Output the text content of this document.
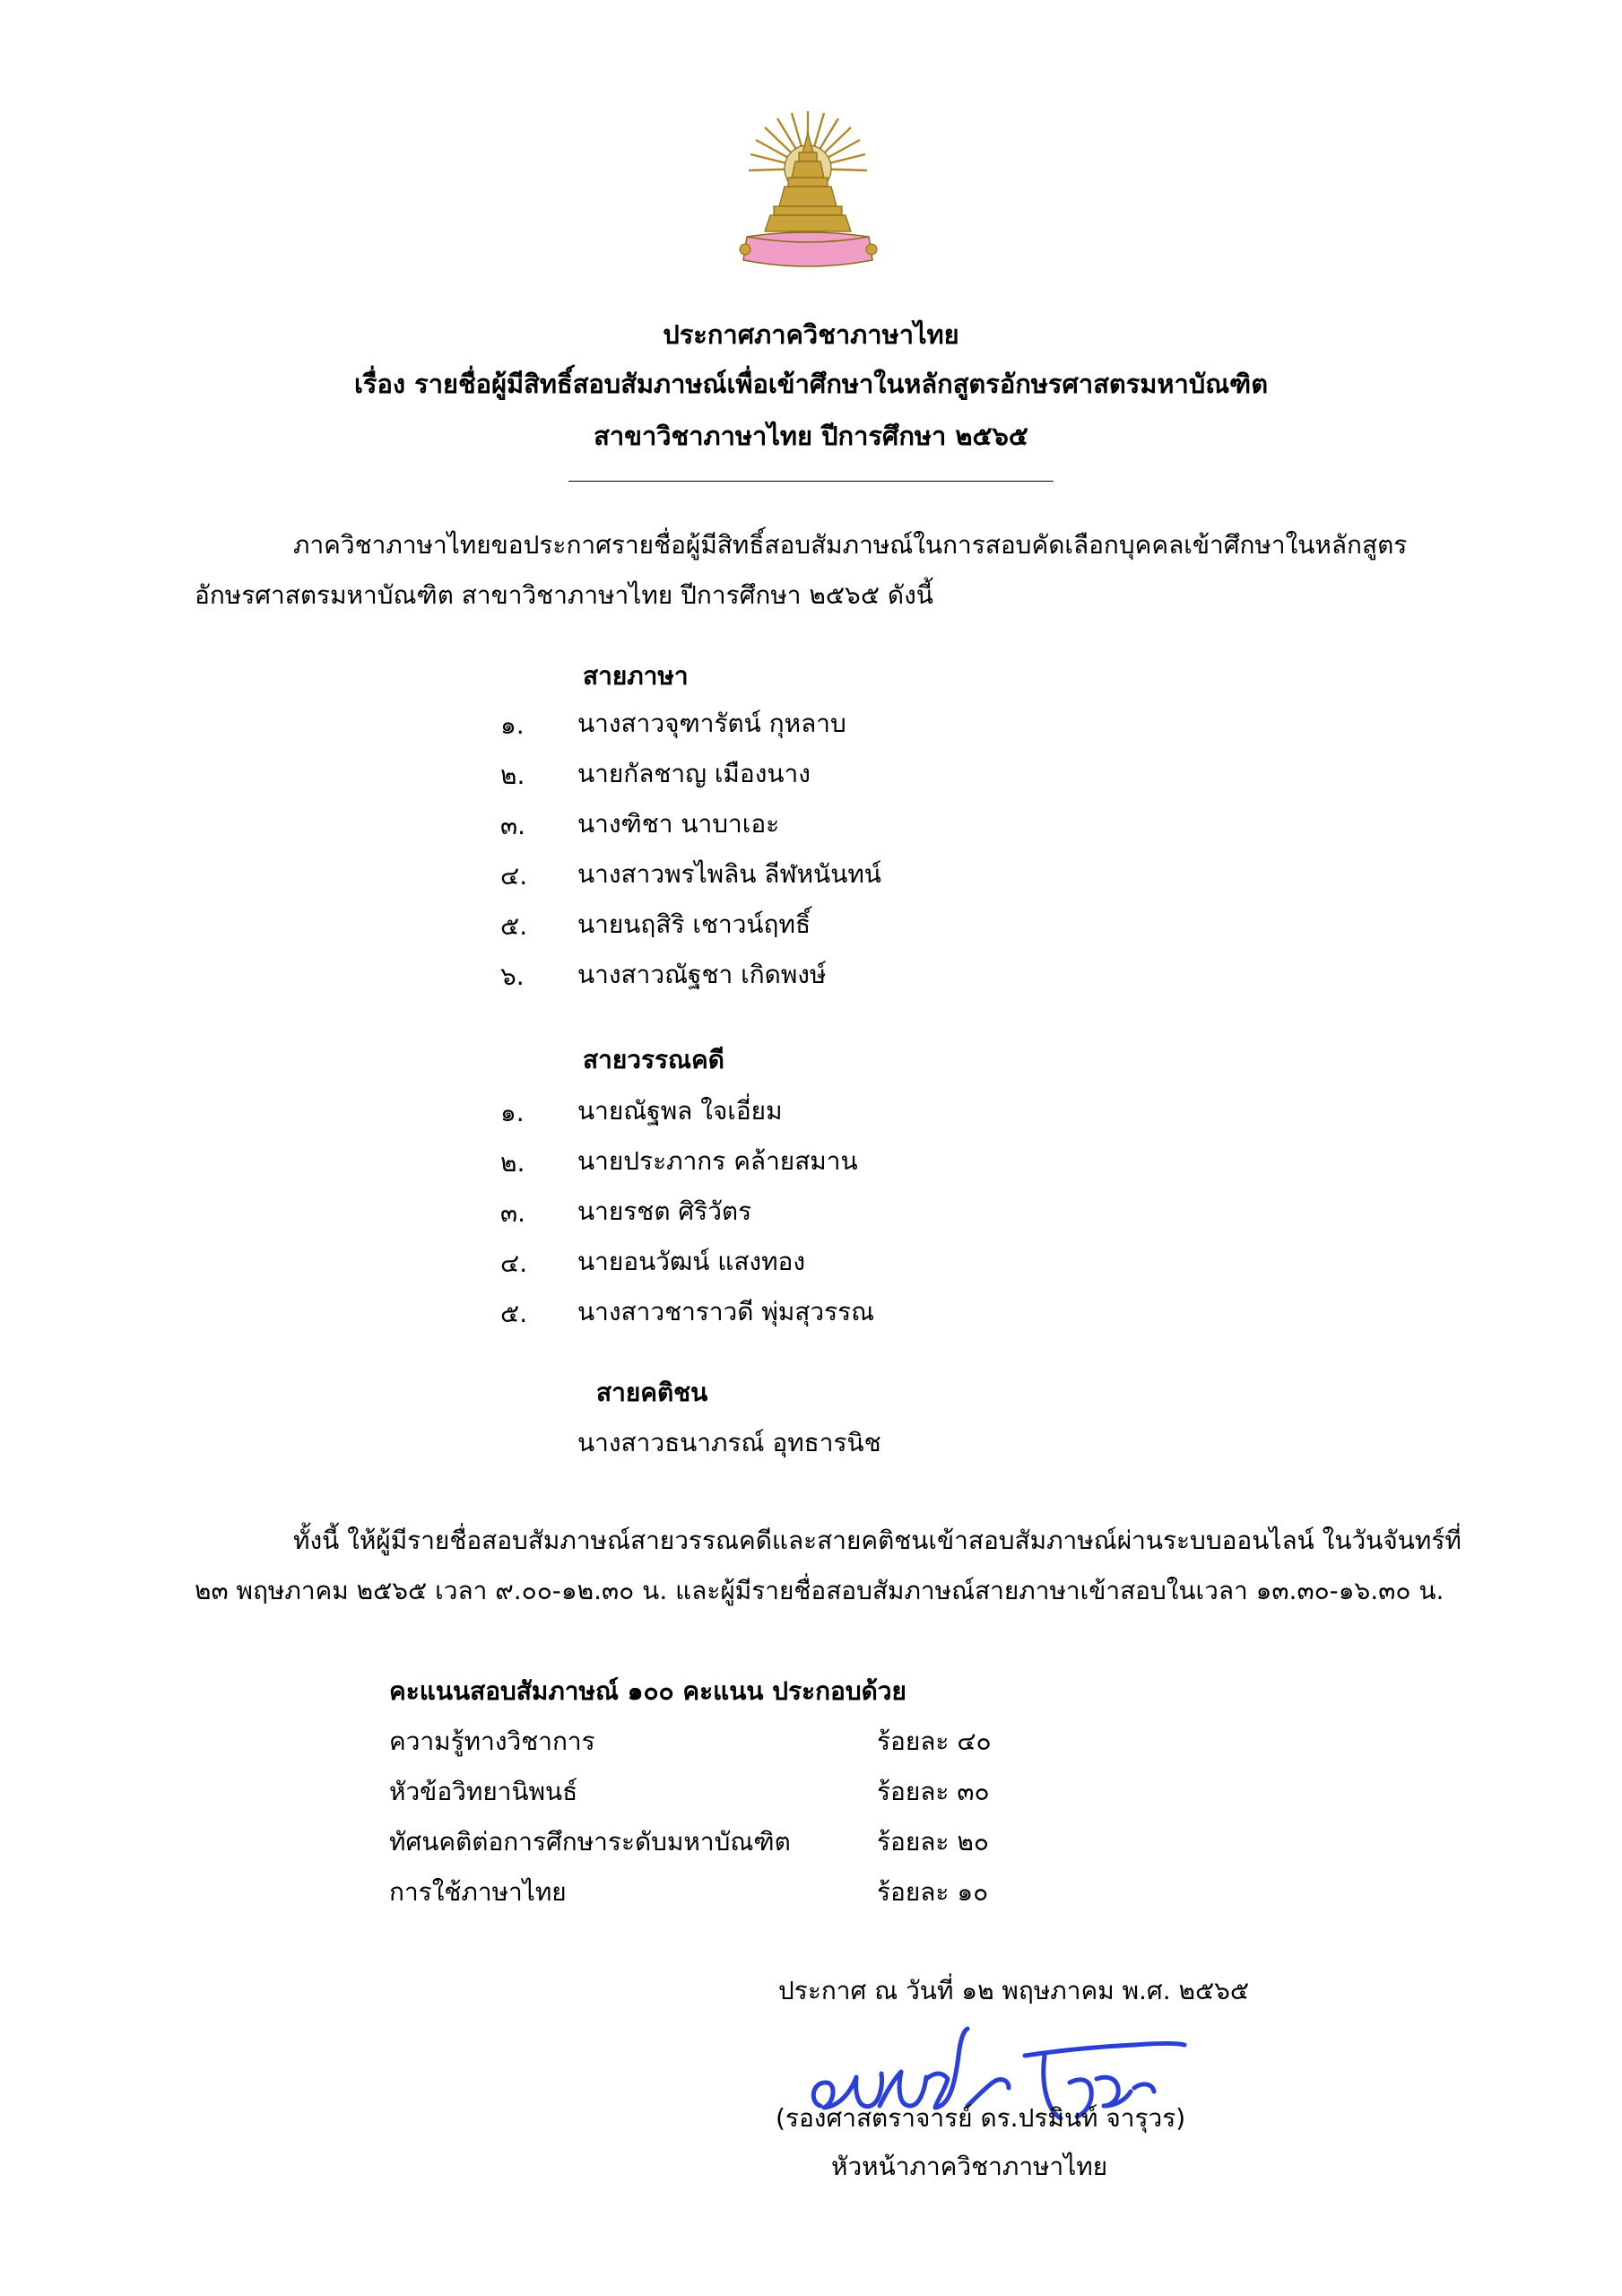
ประกาศภาควิชาภาษาไทย
เรื่อง รายชื่อผู้มีสิทธิ์สอบสัมภาษณ์เพื่อเข้าศึกษาในหลักสูตรอักษรศาสตรมหาบัณฑิต
สาขาวิชาภาษาไทย ปีการศึกษา ๒๕๖๕
ภาควิชาภาษาไทยขอประกาศรายชื่อผู้มีสิทธิ์สอบสัมภาษณ์ในการสอบคัดเลือกบุคคลเข้าศึกษาในหลักสูตร
อักษรศาสตรมหาบัณฑิต สาขาวิชาภาษาไทย ปีการศึกษา ๒๕๖๕ ดังนี้
สายภาษา
๑. นางสาวจุฑารัตน์ กุหลาบ
๒. นายกัลชาญ เมืองนาง
๓. นางฑิชา นาบาเอะ
๔. นางสาวพรไพลิน ลีฬหนันทน์
๕. นายนฤสิริ เชาวน์ฤทธิ์
๖. นางสาวณัฐชา เกิดพงษ์
สายวรรณคดี
๑. นายณัฐพล ใจเอี่ยม
๒. นายประภากร คล้ายสมาน
๓. นายรชต ศิริวัตร
๔. นายอนวัฒน์ แสงทอง
๕. นางสาวชาราวดี พุ่มสุวรรณ
สายคติชน
นางสาวธนาภรณ์ อุทธารนิช
ทั้งนี้ ให้ผู้มีรายชื่อสอบสัมภาษณ์สายวรรณคดีและสายคติชนเข้าสอบสัมภาษณ์ผ่านระบบออนไลน์ ในวันจันทร์ที่
๒๓ พฤษภาคม ๒๕๖๕ เวลา ๙.๐๐-๑๒.๓๐ น. และผู้มีรายชื่อสอบสัมภาษณ์สายภาษาเข้าสอบในเวลา ๑๓.๓๐-๑๖.๓๐ น.
คะแนนสอบสัมภาษณ์ ๑๐๐ คะแนน ประกอบด้วย
ความรู้ทางวิชาการ	ร้อยละ ๔๐
หัวข้อวิทยานิพนธ์	ร้อยละ ๓๐
ทัศนคติต่อการศึกษาระดับมหาบัณฑิต	ร้อยละ ๒๐
การใช้ภาษาไทย	ร้อยละ ๑๐
ประกาศ ณ วันที่ ๑๒ พฤษภาคม พ.ศ. ๒๕๖๕
(รองศาสตราจารย์ ดร.ปรมินท์ จารุวร)
หัวหน้าภาควิชาภาษาไทย
